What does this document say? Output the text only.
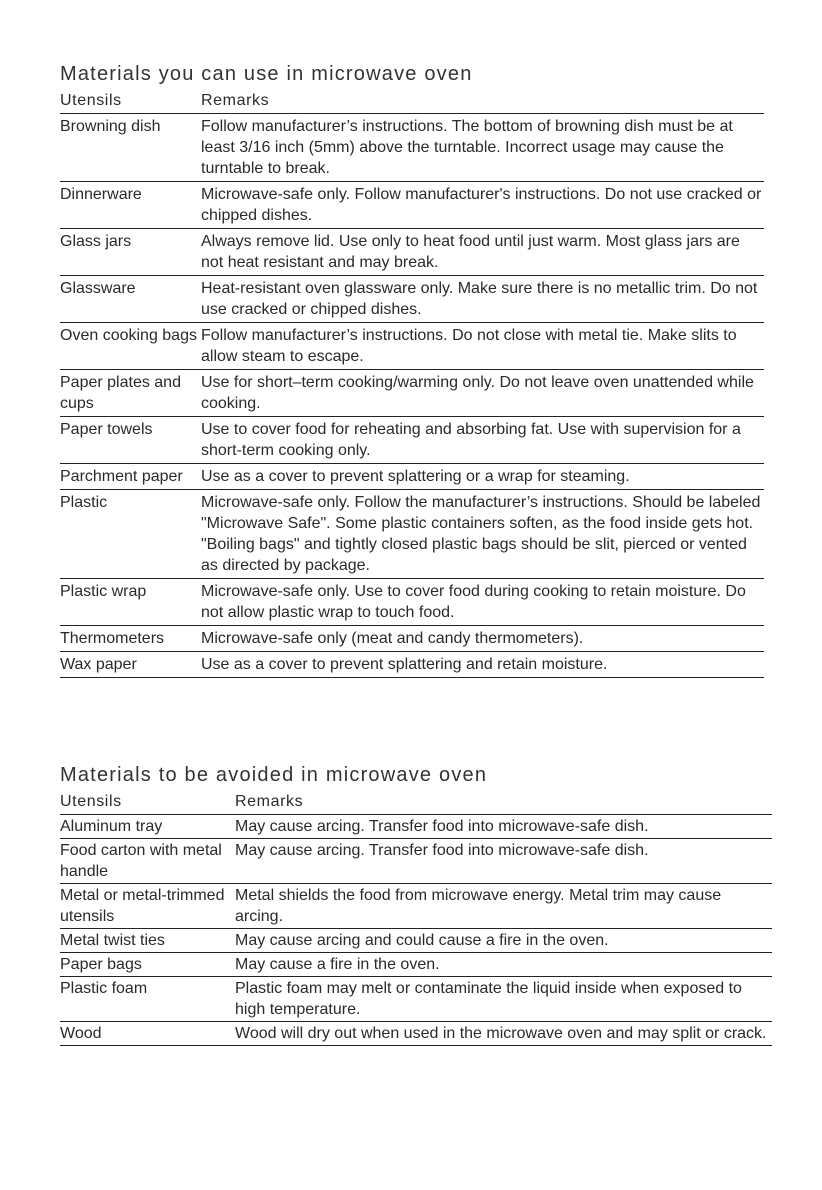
Materials you can use in microwave oven
Utensils	Remarks
Browning dish	Follow manufacturer’s instructions. The bottom of browning dish must be at least 3/16 inch (5mm) above the turntable. Incorrect usage may cause the turntable to break.
Dinnerware	Microwave-safe only. Follow manufacturer's instructions. Do not use cracked or chipped dishes.
Glass jars	Always remove lid. Use only to heat food until just warm. Most glass jars are not heat resistant and may break.
Glassware	Heat-resistant oven glassware only. Make sure there is no metallic trim. Do not use cracked or chipped dishes.
Oven cooking bags	Follow manufacturer’s instructions. Do not close with metal tie. Make slits to allow steam to escape.
Paper plates and cups	Use for short–term cooking/warming only. Do not leave oven unattended while cooking.
Paper towels	Use to cover food for reheating and absorbing fat. Use with supervision for a short-term cooking only.
Parchment paper	Use as a cover to prevent splattering or a wrap for steaming.
Plastic	Microwave-safe only. Follow the manufacturer’s instructions. Should be labeled "Microwave Safe". Some plastic containers soften, as the food inside gets hot. "Boiling bags" and tightly closed plastic bags should be slit, pierced or vented as directed by package.
Plastic wrap	Microwave-safe only. Use to cover food during cooking to retain moisture. Do not allow plastic wrap to touch food.
Thermometers	Microwave-safe only (meat and candy thermometers).
Wax paper	Use as a cover to prevent splattering and retain moisture.
Materials to be avoided in microwave oven
Utensils	Remarks
Aluminum tray	May cause arcing. Transfer food into microwave-safe dish.
Food carton with metal handle	May cause arcing. Transfer food into microwave-safe dish.
Metal or metal-trimmed utensils	Metal shields the food from microwave energy. Metal trim may cause arcing.
Metal twist ties	May cause arcing and could cause a fire in the oven.
Paper bags	May cause a fire in the oven.
Plastic foam	Plastic foam may melt or contaminate the liquid inside when exposed to high temperature.
Wood	Wood will dry out when used in the microwave oven and may split or crack.
